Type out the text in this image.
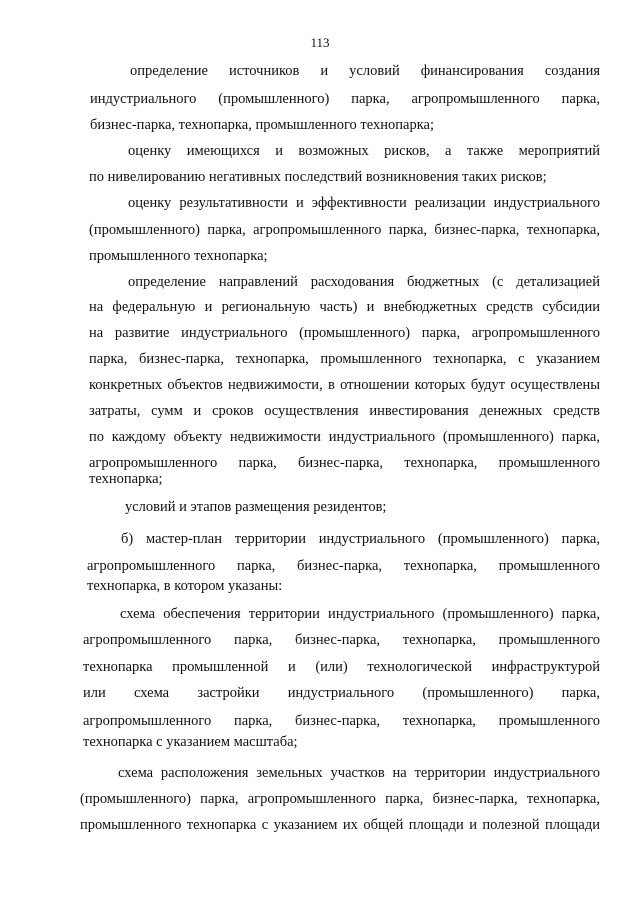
113
определение источников и условий финансирования создания
индустриального (промышленного) парка, агропромышленного парка,
бизнес-парка, технопарка, промышленного технопарка;
оценку имеющихся и возможных рисков, а также мероприятий
по нивелированию негативных последствий возникновения таких рисков;
оценку результативности и эффективности реализации индустриального
(промышленного) парка, агропромышленного парка, бизнес-парка, технопарка,
промышленного технопарка;
определение направлений расходования бюджетных (с детализацией
на федеральную и региональную часть) и внебюджетных средств субсидии
на развитие индустриального (промышленного) парка, агропромышленного
парка, бизнес-парка, технопарка, промышленного технопарка, с указанием
конкретных объектов недвижимости, в отношении которых будут осуществлены
затраты, сумм и сроков осуществления инвестирования денежных средств
по каждому объекту недвижимости индустриального (промышленного) парка,
агропромышленного парка, бизнес-парка, технопарка, промышленного
технопарка;
условий и этапов размещения резидентов;
б) мастер-план территории индустриального (промышленного) парка,
агропромышленного парка, бизнес-парка, технопарка, промышленного
технопарка, в котором указаны:
схема обеспечения территории индустриального (промышленного) парка,
агропромышленного парка, бизнес-парка, технопарка, промышленного
технопарка промышленной и (или) технологической инфраструктурой
или схема застройки индустриального (промышленного) парка,
агропромышленного парка, бизнес-парка, технопарка, промышленного
технопарка с указанием масштаба;
схема расположения земельных участков на территории индустриального
(промышленного) парка, агропромышленного парка, бизнес-парка, технопарка,
промышленного технопарка с указанием их общей площади и полезной площади
